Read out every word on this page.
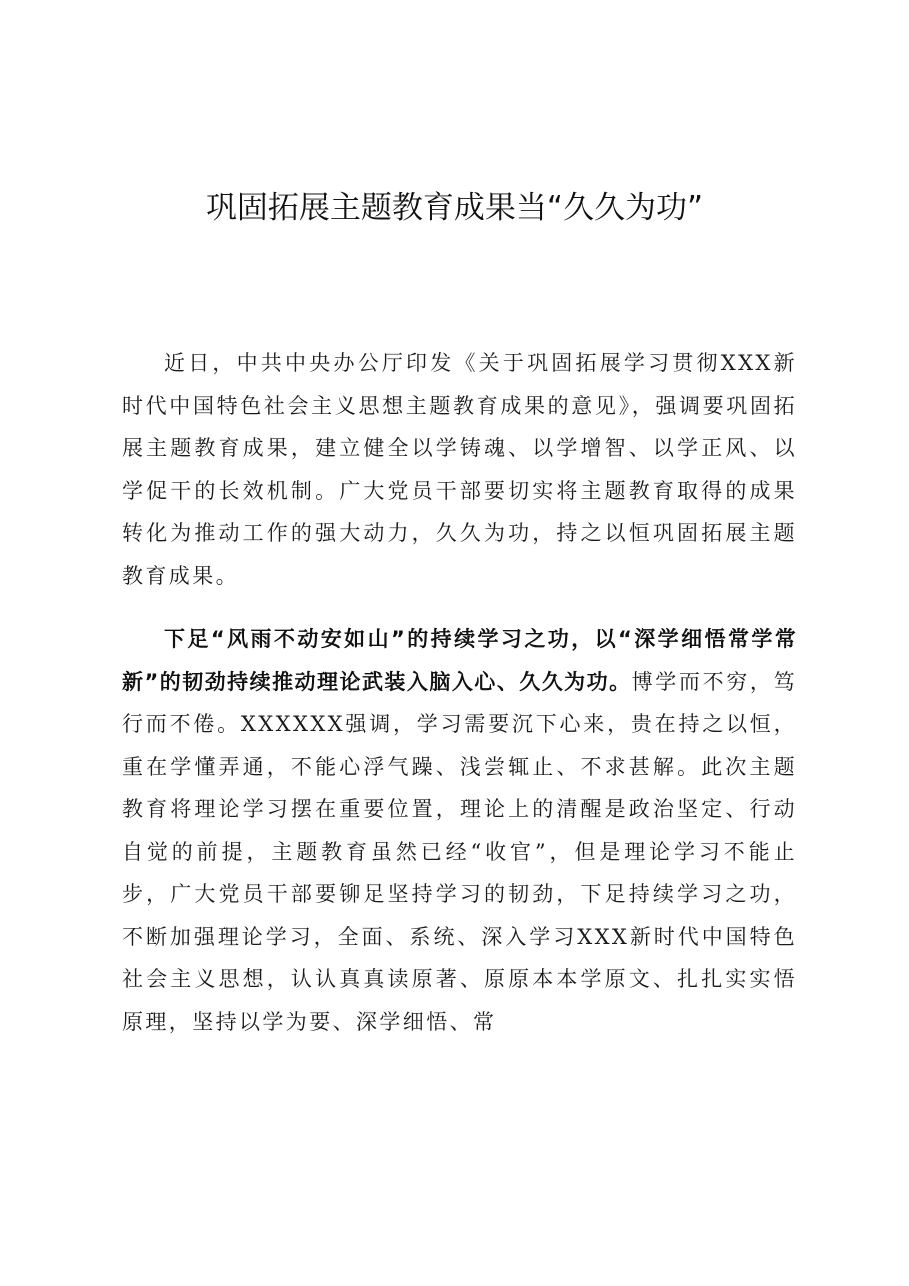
巩固拓展主题教育成果当“久久为功”

近日，中共中央办公厅印发《关于巩固拓展学习贯彻XXX新时代中国特色社会主义思想主题教育成果的意见》，强调要巩固拓展主题教育成果，建立健全以学铸魂、以学增智、以学正风、以学促干的长效机制。广大党员干部要切实将主题教育取得的成果转化为推动工作的强大动力，久久为功，持之以恒巩固拓展主题教育成果。

下足“风雨不动安如山”的持续学习之功，以“深学细悟常学常新”的韧劲持续推动理论武装入脑入心、久久为功。博学而不穷，笃行而不倦。XXXXXX强调，学习需要沉下心来，贵在持之以恒，重在学懂弄通，不能心浮气躁、浅尝辄止、不求甚解。此次主题教育将理论学习摆在重要位置，理论上的清醒是政治坚定、行动自觉的前提，主题教育虽然已经“收官”，但是理论学习不能止步，广大党员干部要铆足坚持学习的韧劲，下足持续学习之功，不断加强理论学习，全面、系统、深入学习XXX新时代中国特色社会主义思想，认认真真读原著、原原本本学原文、扎扎实实悟原理，坚持以学为要、深学细悟、常
